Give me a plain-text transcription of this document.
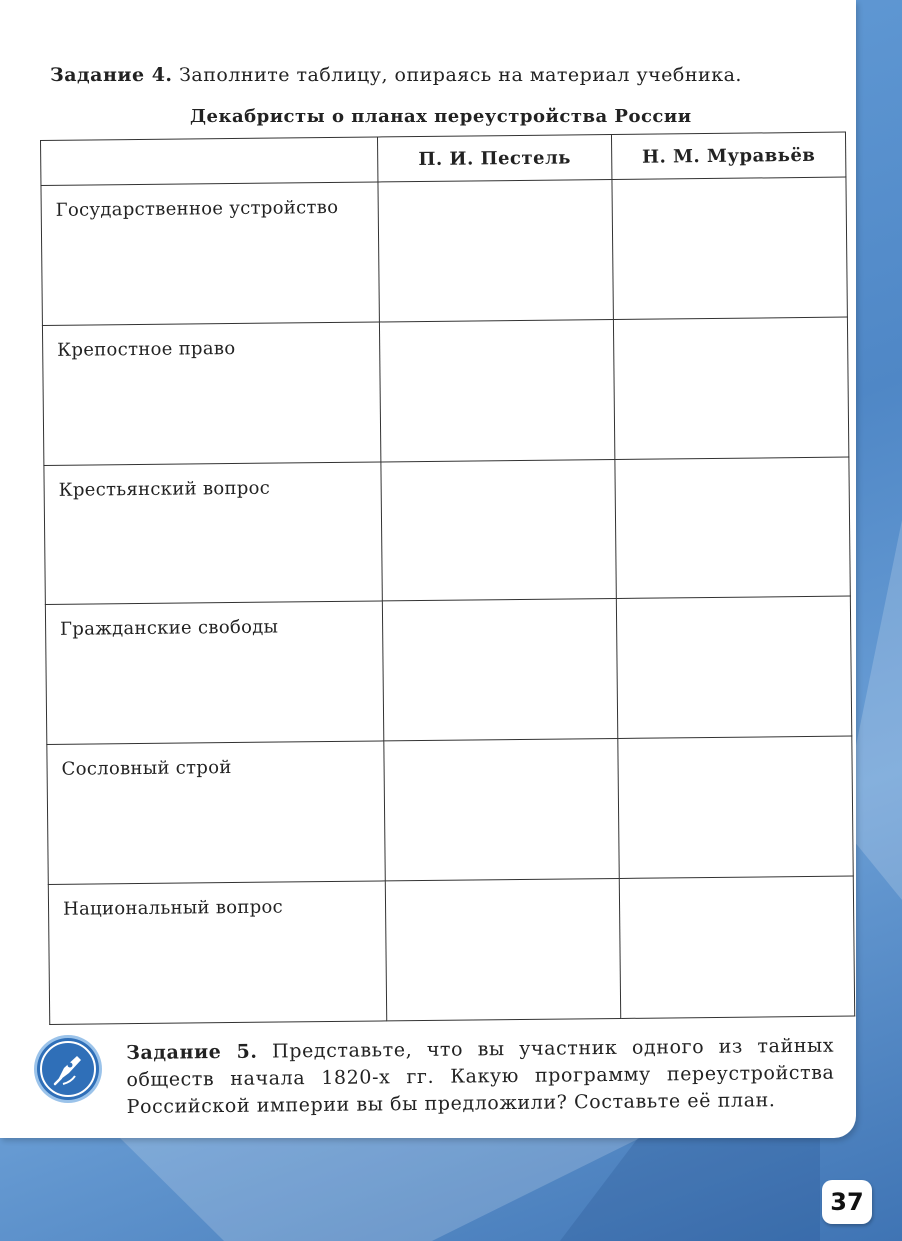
Задание 4. Заполните таблицу, опираясь на материал учебника.
Декабристы о планах переустройства России
	П. И. Пестель	Н. М. Муравьёв
Государственное устройство		
Крепостное право		
Крестьянский вопрос		
Гражданские свободы		
Сословный строй		
Национальный вопрос		
Задание 5. Представьте, что вы участник одного из тайных обществ начала 1820-х гг. Какую программу переустройства Российской империи вы бы предложили? Составьте её план.
37
